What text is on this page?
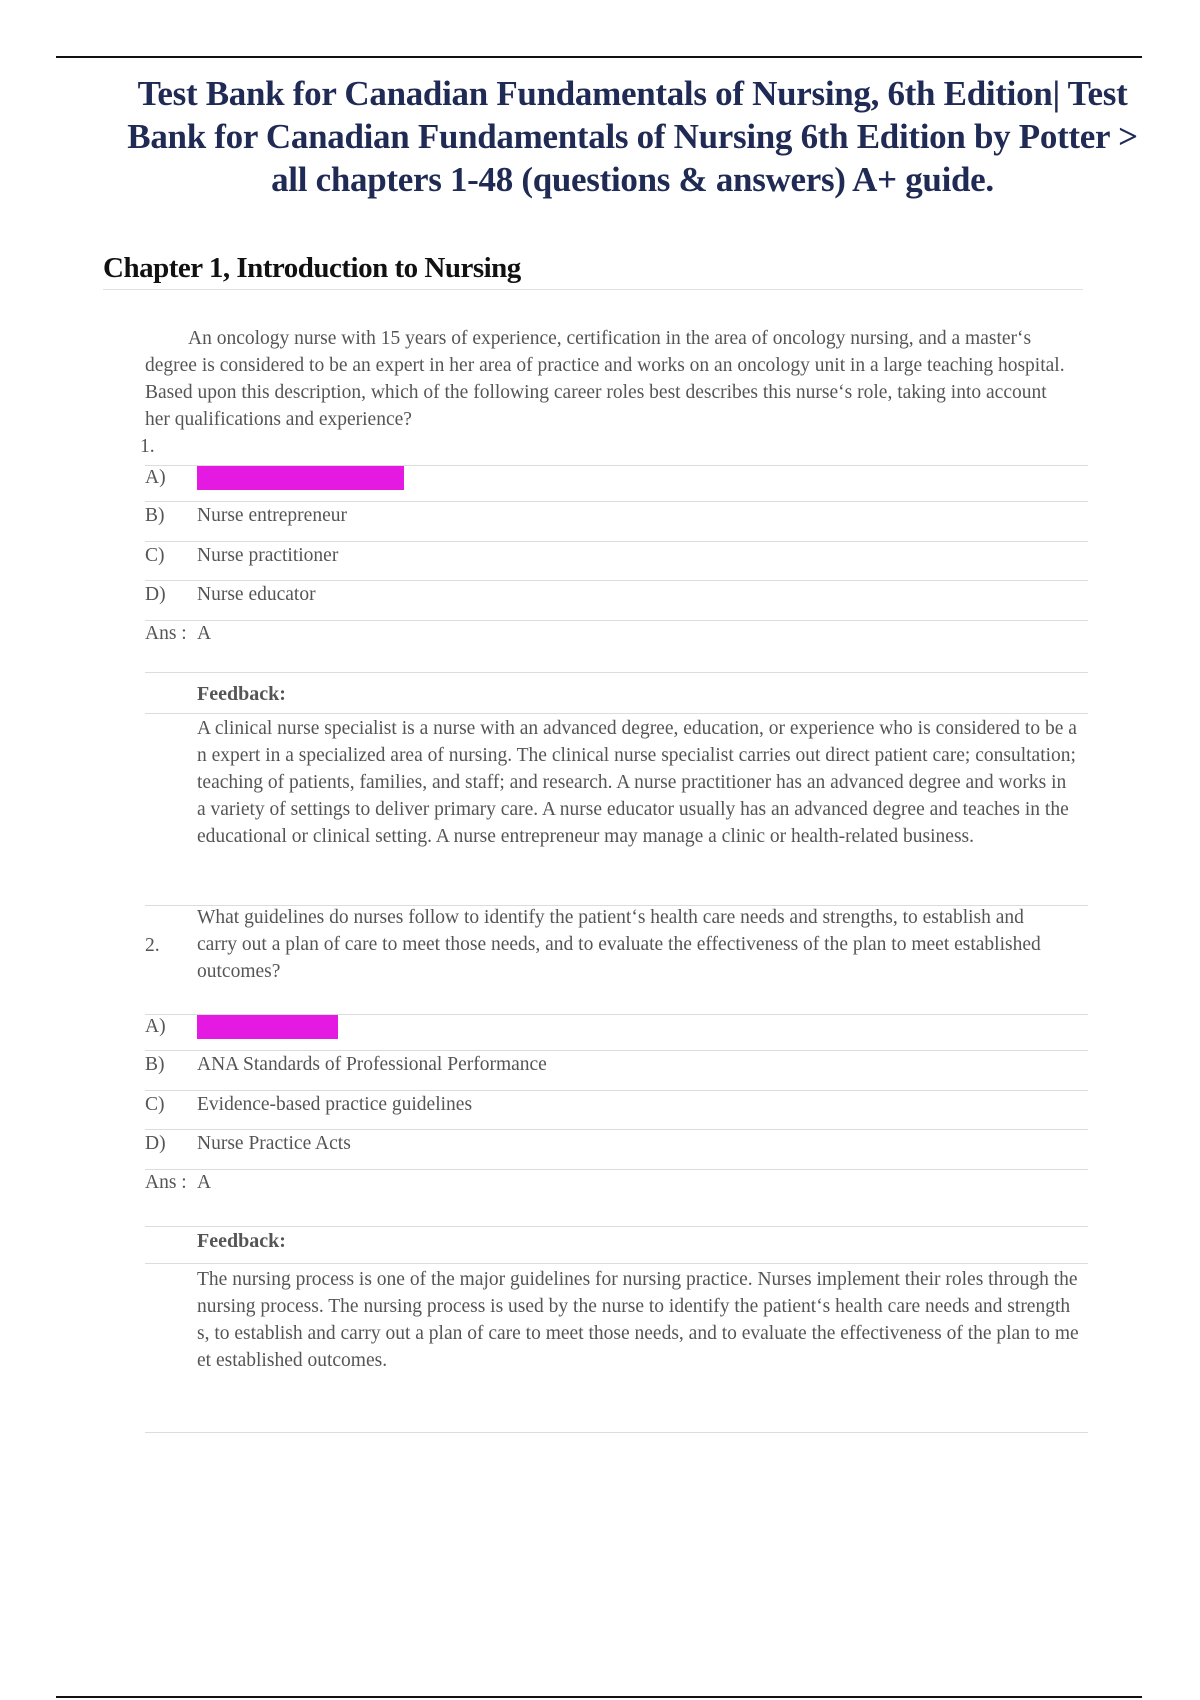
Test Bank for Canadian Fundamentals of Nursing, 6th Edition| Test Bank for Canadian Fundamentals of Nursing 6th Edition by Potter > all chapters 1-48 (questions & answers) A+ guide.
Chapter 1, Introduction to Nursing
An oncology nurse with 15 years of experience, certification in the area of oncology nursing, and a master‘s degree is considered to be an expert in her area of practice and works on an oncology unit in a large teaching hospital. Based upon this description, which of the following career roles best describes this nurse‘s role, taking into account her qualifications and experience?
1.
A) Clinical nurse specialist
B) Nurse entrepreneur
C) Nurse practitioner
D) Nurse educator
Ans : A
Feedback:
A clinical nurse specialist is a nurse with an advanced degree, education, or experience who is considered to be an expert in a specialized area of nursing. The clinical nurse specialist carries out direct patient care; consultation; teaching of patients, families, and staff; and research. A nurse practitioner has an advanced degree and works in a variety of settings to deliver primary care. A nurse educator usually has an advanced degree and teaches in the educational or clinical setting. A nurse entrepreneur may manage a clinic or health-related business.
What guidelines do nurses follow to identify the patient‘s health care needs and strengths, to establish and carry out a plan of care to meet those needs, and to evaluate the effectiveness of the plan to meet established outcomes?
2.
A) Nursing process
B) ANA Standards of Professional Performance
C) Evidence-based practice guidelines
D) Nurse Practice Acts
Ans : A
Feedback:
The nursing process is one of the major guidelines for nursing practice. Nurses implement their roles through the nursing process. The nursing process is used by the nurse to identify the patient‘s health care needs and strengths, to establish and carry out a plan of care to meet those needs, and to evaluate the effectiveness of the plan to meet established outcomes.
